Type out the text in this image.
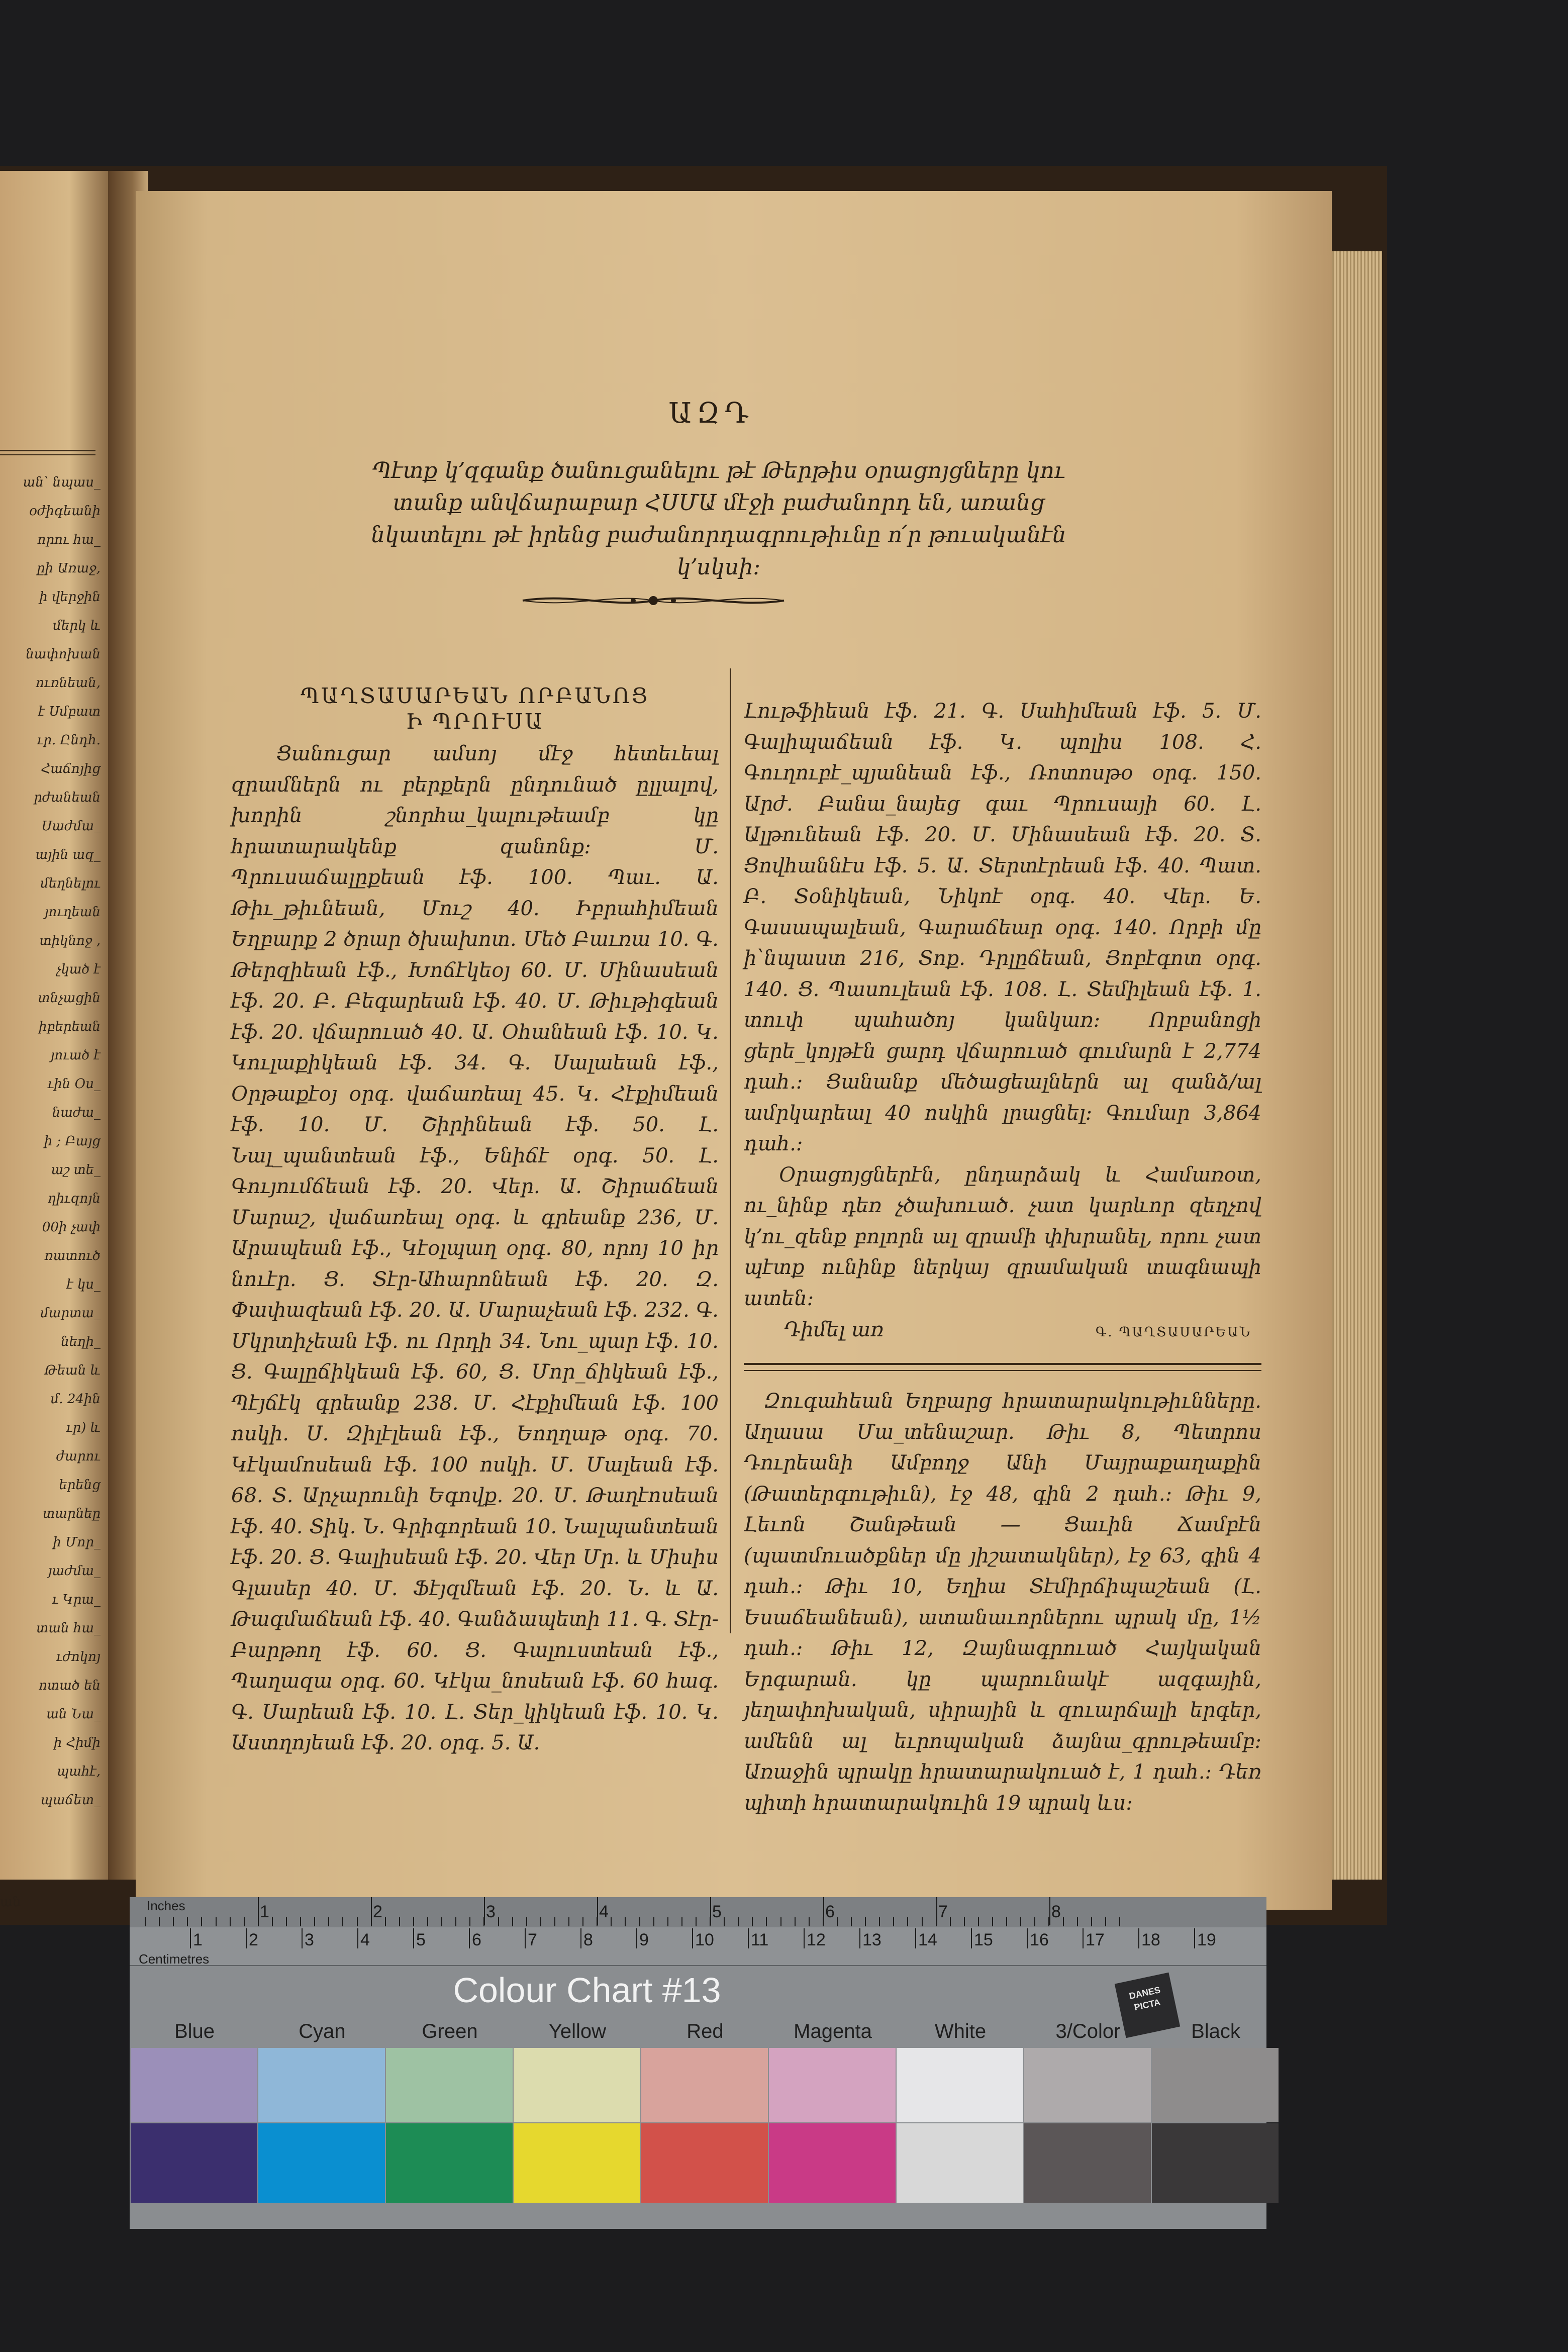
ան՝ նպաս_
օժիգեանի
որու հա_
ըի Առաջ,
ի վերջին
մերկ և
նափոխան
ուռնեան,
է Սմբատ
ւր. Ընդհ.
Հաճոյից
րժանեան
Սաժմա_
ային ազ_
մեղնելու
յուղեան
տիկնոջ ,
չկած է
տնչացին
իբերեան
յուած է
ւին Օս_
նաժա_
ի ; Բայց
աշ տե_
ղիւզոյն
00ի չափ
ռատուծ
է կս_
մարտա_
նեղի_
Թեան և
մ. 24ին
ւր) և
ժարու
երենց
տարնեը
ի Մոր_
յաժմա_
ւ Կրա_
տան հա_
ւժոկոյ
ոտած են
ան Նա_
ի Հիմի
պահէ,
պաճետ_
ան
ԱԶԴ
Պէտք կ՚զգանք ծանուցանելու թէ Թերթիս օրացոյցները կու տանք անվճարաբար ՀՍՄԱ մէջի բաժանորդ են, առանց նկատելու թէ իրենց բաժանորդագրութիւնը ո՛ր թուականէն կ՚սկսի:
ՊԱՂՏԱՍԱՐԵԱՆ ՈՐԲԱՆՈՑ
Ի ՊՐՈՒՍԱ

Ցանուցար ամսոյ մէջ հետեւեալ զրամներն ու բերքերն ընդունած ըլլալով, խորին շնորհա_կալութեամբ կը հրատարակենք զանոնք: Մ. Պրուսաճալըքեան էֆ. 100. Պաւ. Ա. Թիւ_թիւնեան, Մուշ 40. Իբրահիմեան Եղբարք 2 ծրար ծխախոտ. Մեծ Բաւռա 10. Գ. Թերզիեան էֆ., Խոճէկեօյ 60. Մ. Մինասեան էֆ. 20. Բ. Բեգարեան էֆ. 40. Մ. Թիւթիգեան էֆ. 20. վճարուած 40. Ա. Օհանեան էֆ. 10. Կ. Կուլաքիկեան էֆ. 34. Գ. Սալաեան էֆ., Օրթաքէօյ օրգ. վաճառեալ 45. Կ. Հէքիմեան էֆ. 10. Մ. Շիրինեան էֆ. 50. Լ. Նալ_պանտեան էֆ., Ենիճէ օրգ. 50. Լ. Գույումճեան էֆ. 20. Վեր. Ա. Շիրաճեան Մարաշ, վաճառեալ օրգ. և գրեանք 236, Մ. Արապեան էֆ., Կէօլպաղ օրգ. 80, որոյ 10 իր նուէր. Ց. Տէր-Ահարոնեան էֆ. 20. Զ. Փափազեան էֆ. 20. Ա. Մարաչեան էֆ. 232. Գ. Մկրտիչեան էֆ. ու Որդի 34. Նու_պար էֆ. 10. Ց. Գալըճիկեան էֆ. 60, Ց. Մոր_ճիկեան էֆ., Պէյճէկ գրեանք 238. Մ. Հէքիմեան էֆ. 100 ոսկի. Ս. Զիլէլեան էֆ., Եողղաթ օրգ. 70. Կէկամոսեան էֆ. 100 ոսկի. Մ. Մալեան էֆ. 68. Տ. Արչարունի Եգովք. 20. Մ. Թաղէոսեան էֆ. 40. Տիկ. Ն. Գրիգորեան 10. Նալպանտեան էֆ. 20. Ց. Գալիսեան էֆ. 20. Վեր Մր. և Միսիս Գլասեր 40. Մ. Ֆէյզմեան էֆ. 20. Ն. և Ա. Թագմաճեան էֆ. 40. Գանձապետի 11. Գ. Տէր-Բարթող էֆ. 60. Ց. Գալուստեան էֆ., Պաղազա օրգ. 60. Կէկա_նոսեան էֆ. 60 հագ. Գ. Սարեան էֆ. 10. Լ. Տեր_կիկեան էֆ. 10. Կ. Աստղոյեան էֆ. 20. օրգ. 5. Ա.

Լութֆիեան էֆ. 21. Գ. Սահիմեան էֆ. 5. Մ. Գալիպաճեան էֆ. Կ. պոլիս 108. Հ. Գուղուբէ_պյանեան էֆ., Ռոտոսթօ օրգ. 150. Արժ. Բանա_նայեց գաւ Պրուսայի 60. Լ. Ալթունեան էֆ. 20. Մ. Մինասեան էֆ. 20. Տ. Ցովհաննէս էֆ. 5. Ա. Տերտէրեան էֆ. 40. Պատ. Բ. Տօնիկեան, Նիկոէ օրգ. 40. Վեր. Ե. Գասապալեան, Գարաճեար օրգ. 140. Որբի մը ի՝նպաստ 216, Տոք. Դրլըճեան, Յոբէգոտ օրգ. 140. Ց. Պասուլեան էֆ. 108. Լ. Տեմիլեան էֆ. 1. տուփ պահածոյ կանկառ: Որբանոցի ցերե_կոյթէն ցարդ վճարուած գումարն է 2,774 դահ.: Ցանանք մեծացեալներն ալ զանձ/ալ ամրկարեալ 40 ոսկին լրացնել: Գումար 3,864 դահ.:

Օրացոյցներէն, ընդարձակ և Համառօտ, ու_նինք դեռ չծախուած. չատ կարևոր զեղչով կ՚ու_զենք բոլորն ալ զրամի փխրանել, որու չատ պէտք ունինք ներկայ զրամական տագնապի ատեն:

Դիմել առ	Գ. ՊԱՂՏԱՍԱՐԵԱՆ

Զուգահեան Եղբարց հրատարակութիւնները. Աղասա Մա_տենաշար. Թիւ 8, Պետրոս Դուրեանի Ամբողջ Անի Մայրաքաղաքին (Թատերգութիւն), էջ 48, գին 2 դահ.: Թիւ 9, Լեւոն Շանթեան — Ցաւին Ճամբէն (պատմուածքներ մը յիշատակներ), էջ 63, գին 4 դահ.: Թիւ 10, Եղիա Տէմիրճիպաշեան (Լ. Եսաճեանեան), ատանաւորներու պրակ մը, 1½ դահ.: Թիւ 12, Զայնագրուած Հայկական Երգարան. կը պարունակէ ազգային, յեղափոխական, սիրային և զուարճալի երգեր, ամենն ալ եւրոպական ձայնա_գրութեամբ: Առաջին պրակը հրատարակուած է, 1 դահ.: Դեռ պիտի հրատարակուին 19 պրակ ևս:

Inches
Centimetres
1	2	3	4	5	6	7	8
1	2	3	4	5	6	7	8	9	10 11 12 13 14 15 16 17 18 19
Colour Chart #13	DANES PICTA
Blue	Cyan	Green	Yellow	Red	Magenta	White	3/Color	Black
